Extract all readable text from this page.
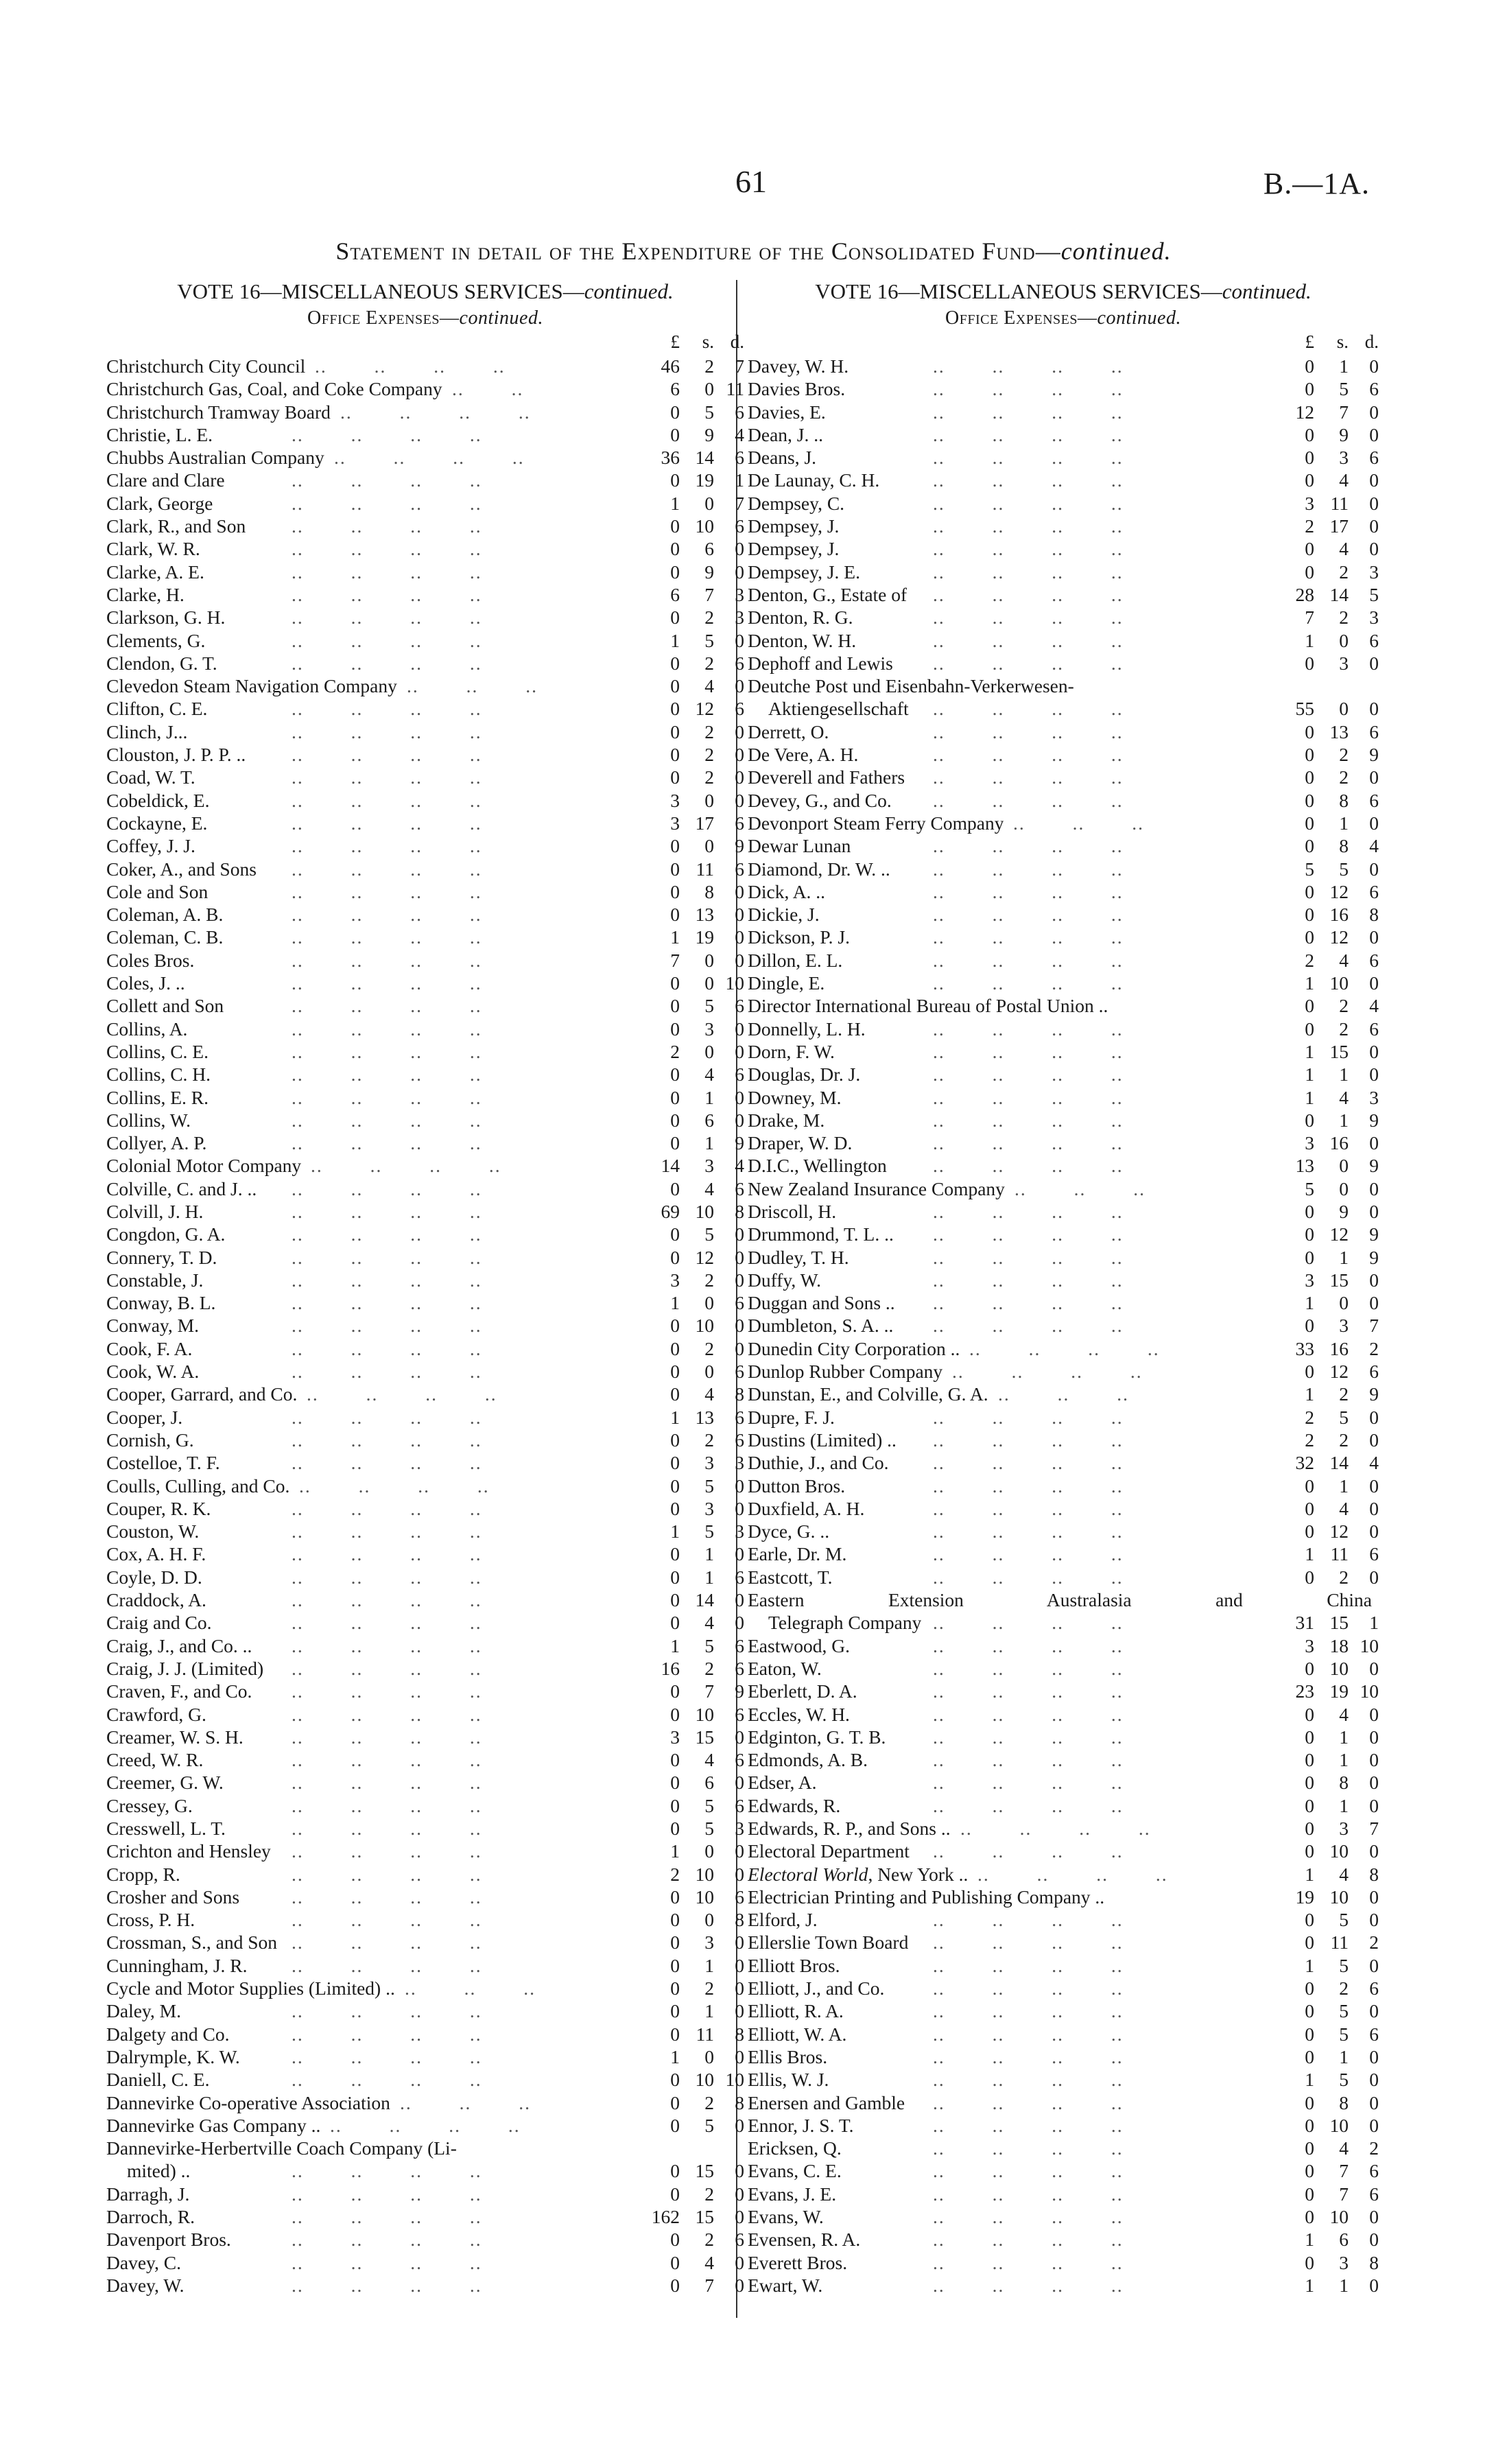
61	B.—1A.
Statement in detail of the Expenditure of the Consolidated Fund—continued.
VOTE 16—MISCELLANEOUS SERVICES—continued.
Office Expenses—continued.
£	s. d.
Christchurch City Council	46	2	7
.. .. .. ..
Christchurch Gas, Coal, and Coke Company	6	0 11
.. ..
Christchurch Tramway Board	0	5	6
.. .. .. ..
Christie, L. E.	0	9	4
.. .. .. ..
Chubbs Australian Company	36 14	6
.. .. .. ..
Clare and Clare	0 19	1
.. .. .. ..
Clark, George	1	0	7
.. .. .. ..
Clark, R., and Son	0 10	6
.. .. .. ..
Clark, W. R.	0	6	0
.. .. .. ..
Clarke, A. E.	0	9	0
.. .. .. ..
Clarke, H.	6	7	3
.. .. .. ..
Clarkson, G. H.	0	2	3
.. .. .. ..
Clements, G.	1	5	0
.. .. .. ..
Clendon, G. T.	0	2	6
.. .. .. ..
Clevedon Steam Navigation Company	0	4	0
.. .. ..
Clifton, C. E.	0 12	6
.. .. .. ..
Clinch, J...	0	2	0
.. .. .. ..
Clouston, J. P. P. ..	0	2	0
.. .. .. ..
Coad, W. T.	0	2	0
.. .. .. ..
Cobeldick, E.	3	0	0
.. .. .. ..
Cockayne, E.	3 17	6
.. .. .. ..
Coffey, J. J.	0	0	9
.. .. .. ..
Coker, A., and Sons	0 11	6
.. .. .. ..
Cole and Son	0	8	0
.. .. .. ..
Coleman, A. B.	0 13	0
.. .. .. ..
Coleman, C. B.	1 19	0
.. .. .. ..
Coles Bros.	7	0	0
.. .. .. ..
Coles, J. ..	0	0 10
.. .. .. ..
Collett and Son	0	5	6
.. .. .. ..
Collins, A.	0	3	0
.. .. .. ..
Collins, C. E.	2	0	0
.. .. .. ..
Collins, C. H.	0	4	6
.. .. .. ..
Collins, E. R.	0	1	0
.. .. .. ..
Collins, W.	0	6	0
.. .. .. ..
Collyer, A. P.	0	1	9
.. .. .. ..
Colonial Motor Company	14	3	4
.. .. .. ..
Colville, C. and J. ..	0	4	6
.. .. .. ..
Colvill, J. H.	69 10	8
.. .. .. ..
Congdon, G. A.	0	5	0
.. .. .. ..
Connery, T. D.	0 12	0
.. .. .. ..
Constable, J.	3	2	0
.. .. .. ..
Conway, B. L.	1	0	6
.. .. .. ..
Conway, M.	0 10	0
.. .. .. ..
Cook, F. A.	0	2	0
.. .. .. ..
Cook, W. A.	0	0	6
.. .. .. ..
Cooper, Garrard, and Co.	0	4	8
.. .. .. ..
Cooper, J.	1 13	6
.. .. .. ..
Cornish, G.	0	2	6
.. .. .. ..
Costelloe, T. F.	0	3	3
.. .. .. ..
Coulls, Culling, and Co.	0	5	0
.. .. .. ..
Couper, R. K.	0	3	0
.. .. .. ..
Couston, W.	1	5	3
.. .. .. ..
Cox, A. H. F.	0	1	0
.. .. .. ..
Coyle, D. D.	0	1	6
.. .. .. ..
Craddock, A.	0 14	0
.. .. .. ..
Craig and Co.	0	4	0
.. .. .. ..
Craig, J., and Co. ..	1	5	6
.. .. .. ..
Craig, J. J. (Limited)	16	2	6
.. .. .. ..
Craven, F., and Co.	0	7	9
.. .. .. ..
Crawford, G.	0 10	6
.. .. .. ..
Creamer, W. S. H.	3 15	0
.. .. .. ..
Creed, W. R.	0	4	6
.. .. .. ..
Creemer, G. W.	0	6	0
.. .. .. ..
Cressey, G.	0	5	6
.. .. .. ..
Cresswell, L. T.	0	5	3
.. .. .. ..
Crichton and Hensley	1	0	0
.. .. .. ..
Cropp, R.	2 10	0
.. .. .. ..
Crosher and Sons	0 10	6
.. .. .. ..
Cross, P. H.	0	0	8
.. .. .. ..
Crossman, S., and Son	0	3	0
.. .. .. ..
Cunningham, J. R.	0	1	0
.. .. .. ..
Cycle and Motor Supplies (Limited) ..	0	2	0
.. .. ..
Daley, M.	0	1	0
.. .. .. ..
Dalgety and Co.	0 11	8
.. .. .. ..
Dalrymple, K. W.	1	0	0
.. .. .. ..
Daniell, C. E.	0 10 10
.. .. .. ..
Dannevirke Co-operative Association	0	2	8
.. .. ..
Dannevirke Gas Company ..	0	5	0
.. .. .. ..
Dannevirke-Herbertville Coach Company (Li-
mited) ..	0 15	0
.. .. .. ..
Darragh, J.	0	2	0
.. .. .. ..
Darroch, R.	162 15	0
.. .. .. ..
Davenport Bros.	0	2	6
.. .. .. ..
Davey, C.	0	4	0
.. .. .. ..
Davey, W.	0	7	0
.. .. .. ..
VOTE 16—MISCELLANEOUS SERVICES—continued.
Office Expenses—continued.
£	s. d.
Davey, W. H.	0	1	0
.. .. .. ..
Davies Bros.	0	5	6
.. .. .. ..
Davies, E.	12	7	0
.. .. .. ..
Dean, J. ..	0	9	0
.. .. .. ..
Deans, J.	0	3	6
.. .. .. ..
De Launay, C. H.	0	4	0
.. .. .. ..
Dempsey, C.	3 11	0
.. .. .. ..
Dempsey, J.	2 17	0
.. .. .. ..
Dempsey, J.	0	4	0
.. .. .. ..
Dempsey, J. E.	0	2	3
.. .. .. ..
Denton, G., Estate of	28 14	5
.. .. .. ..
Denton, R. G.	7	2	3
.. .. .. ..
Denton, W. H.	1	0	6
.. .. .. ..
Dephoff and Lewis	0	3	0
.. .. .. ..
Deutche Post und Eisenbahn-Verkerwesen-
Aktiengesellschaft	55	0	0
.. .. .. ..
Derrett, O.	0 13	6
.. .. .. ..
De Vere, A. H.	0	2	9
.. .. .. ..
Deverell and Fathers	0	2	0
.. .. .. ..
Devey, G., and Co.	0	8	6
.. .. .. ..
Devonport Steam Ferry Company	0	1	0
.. .. ..
Dewar Lunan	0	8	4
.. .. .. ..
Diamond, Dr. W. ..	5	5	0
.. .. .. ..
Dick, A. ..	0 12	6
.. .. .. ..
Dickie, J.	0 16	8
.. .. .. ..
Dickson, P. J.	0 12	0
.. .. .. ..
Dillon, E. L.	2	4	6
.. .. .. ..
Dingle, E.	1 10	0
.. .. .. ..
Director International Bureau of Postal Union ..	0	2	4
Donnelly, L. H.	0	2	6
.. .. .. ..
Dorn, F. W.	1 15	0
.. .. .. ..
Douglas, Dr. J.	1	1	0
.. .. .. ..
Downey, M.	1	4	3
.. .. .. ..
Drake, M.	0	1	9
.. .. .. ..
Draper, W. D.	3 16	0
.. .. .. ..
D.I.C., Wellington	13	0	9
.. .. .. ..
New Zealand Insurance Company	5	0	0
.. .. ..
Driscoll, H.	0	9	0
.. .. .. ..
Drummond, T. L. ..	0 12	9
.. .. .. ..
Dudley, T. H.	0	1	9
.. .. .. ..
Duffy, W.	3 15	0
.. .. .. ..
Duggan and Sons ..	1	0	0
.. .. .. ..
Dumbleton, S. A. ..	0	3	7
.. .. .. ..
Dunedin City Corporation ..	33 16	2
.. .. .. ..
Dunlop Rubber Company	0 12	6
.. .. .. ..
Dunstan, E., and Colville, G. A.	1	2	9
.. .. ..
Dupre, F. J.	2	5	0
.. .. .. ..
Dustins (Limited) ..	2	2	0
.. .. .. ..
Duthie, J., and Co.	32 14	4
.. .. .. ..
Dutton Bros.	0	1	0
.. .. .. ..
Duxfield, A. H.	0	4	0
.. .. .. ..
Dyce, G. ..	0 12	0
.. .. .. ..
Earle, Dr. M.	1 11	6
.. .. .. ..
Eastcott, T.	0	2	0
.. .. .. ..
Eastern Extension Australasia and China
Telegraph Company	31 15	1
.. .. .. ..
Eastwood, G.	3 18 10
.. .. .. ..
Eaton, W.	0 10	0
.. .. .. ..
Eberlett, D. A.	23 19 10
.. .. .. ..
Eccles, W. H.	0	4	0
.. .. .. ..
Edginton, G. T. B.	0	1	0
.. .. .. ..
Edmonds, A. B.	0	1	0
.. .. .. ..
Edser, A.	0	8	0
.. .. .. ..
Edwards, R.	0	1	0
.. .. .. ..
Edwards, R. P., and Sons ..	0	3	7
.. .. .. ..
Electoral Department	0 10	0
.. .. .. ..
Electoral World, New York ..	1	4	8
.. .. .. ..
Electrician Printing and Publishing Company ..	19 10	0
Elford, J.	0	5	0
.. .. .. ..
Ellerslie Town Board	0 11	2
.. .. .. ..
Elliott Bros.	1	5	0
.. .. .. ..
Elliott, J., and Co.	0	2	6
.. .. .. ..
Elliott, R. A.	0	5	0
.. .. .. ..
Elliott, W. A.	0	5	6
.. .. .. ..
Ellis Bros.	0	1	0
.. .. .. ..
Ellis, W. J.	1	5	0
.. .. .. ..
Enersen and Gamble	0	8	0
.. .. .. ..
Ennor, J. S. T.	0 10	0
.. .. .. ..
Ericksen, Q.	0	4	2
.. .. .. ..
Evans, C. E.	0	7	6
.. .. .. ..
Evans, J. E.	0	7	6
.. .. .. ..
Evans, W.	0 10	0
.. .. .. ..
Evensen, R. A.	1	6	0
.. .. .. ..
Everett Bros.	0	3	8
.. .. .. ..
Ewart, W.	1	1	0
.. .. .. ..
